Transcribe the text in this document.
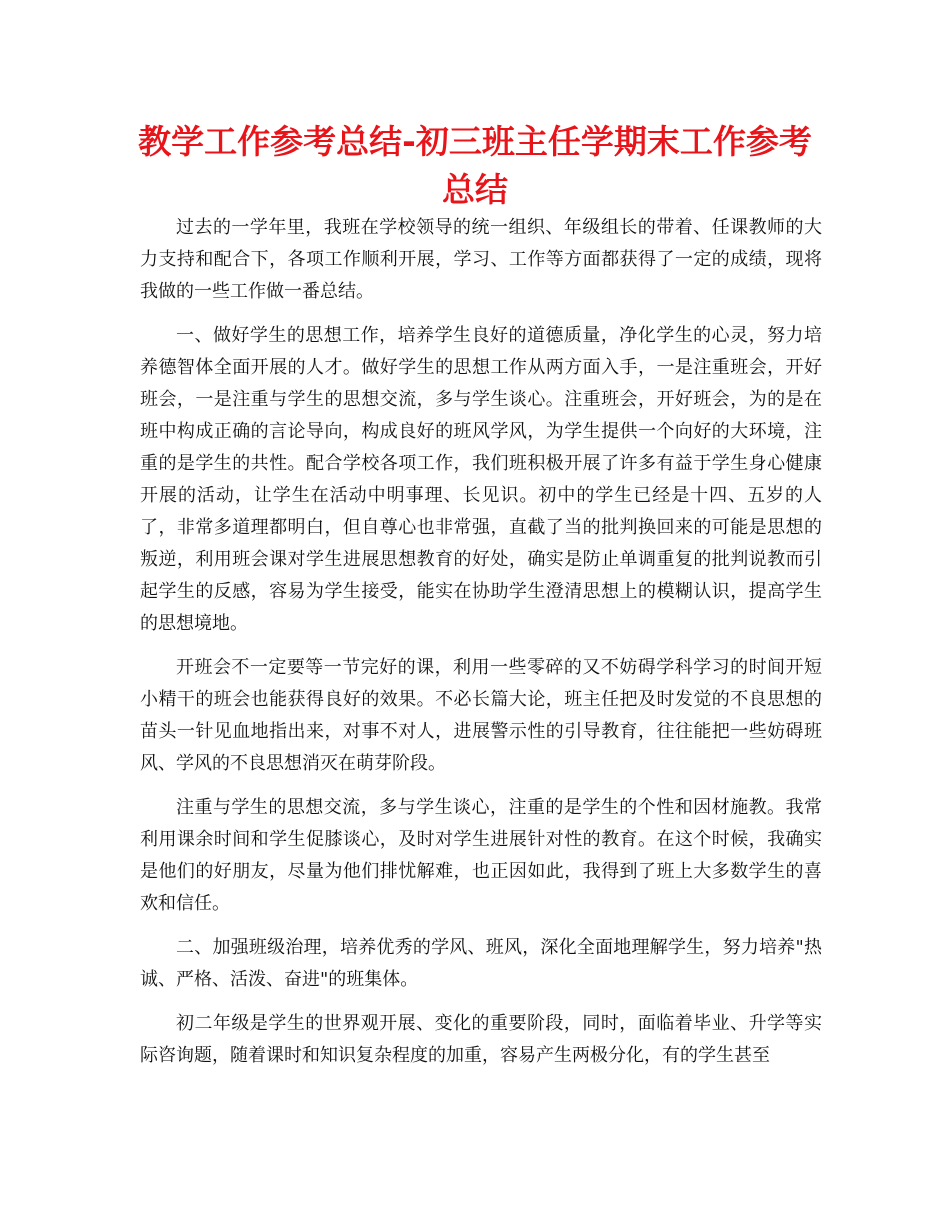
教学工作参考总结-初三班主任学期末工作参考总结

过去的一学年里，我班在学校领导的统一组织、年级组长的带着、任课教师的大力支持和配合下，各项工作顺利开展，学习、工作等方面都获得了一定的成绩，现将我做的一些工作做一番总结。

一、做好学生的思想工作，培养学生良好的道德质量，净化学生的心灵，努力培养德智体全面开展的人才。做好学生的思想工作从两方面入手，一是注重班会，开好班会，一是注重与学生的思想交流，多与学生谈心。注重班会，开好班会，为的是在班中构成正确的言论导向，构成良好的班风学风，为学生提供一个向好的大环境，注重的是学生的共性。配合学校各项工作，我们班积极开展了许多有益于学生身心健康开展的活动，让学生在活动中明事理、长见识。初中的学生已经是十四、五岁的人了，非常多道理都明白，但自尊心也非常强，直截了当的批判换回来的可能是思想的叛逆，利用班会课对学生进展思想教育的好处，确实是防止单调重复的批判说教而引起学生的反感，容易为学生接受，能实在协助学生澄清思想上的模糊认识，提高学生的思想境地。

开班会不一定要等一节完好的课，利用一些零碎的又不妨碍学科学习的时间开短小精干的班会也能获得良好的效果。不必长篇大论，班主任把及时发觉的不良思想的苗头一针见血地指出来，对事不对人，进展警示性的引导教育，往往能把一些妨碍班风、学风的不良思想消灭在萌芽阶段。

注重与学生的思想交流，多与学生谈心，注重的是学生的个性和因材施教。我常利用课余时间和学生促膝谈心，及时对学生进展针对性的教育。在这个时候，我确实是他们的好朋友，尽量为他们排忧解难，也正因如此，我得到了班上大多数学生的喜欢和信任。

二、加强班级治理，培养优秀的学风、班风，深化全面地理解学生，努力培养"热诚、严格、活泼、奋进"的班集体。

初二年级是学生的世界观开展、变化的重要阶段，同时，面临着毕业、升学等实际咨询题，随着课时和知识复杂程度的加重，容易产生两极分化，有的学生甚至
